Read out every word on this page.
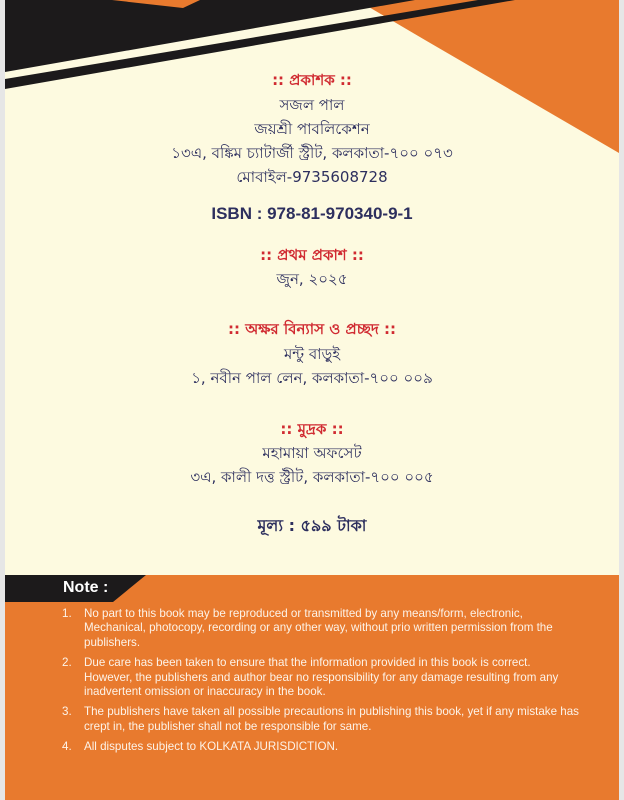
:: প্রকাশক ::
সজল পাল
জয়শ্রী পাবলিকেশন
১৩এ, বঙ্কিম চ্যাটার্জী স্ট্রীট, কলকাতা-৭০০ ০৭৩
মোবাইল-9735608728
ISBN : 978-81-970340-9-1
:: প্রথম প্রকাশ ::
জুন, ২০২৫
:: অক্ষর বিন্যাস ও প্রচ্ছদ ::
মন্টু বাড়ুই
১, নবীন পাল লেন, কলকাতা-৭০০ ০০৯
:: মুদ্রক ::
মহামায়া অফসেট
৩এ, কালী দত্ত স্ট্রীট, কলকাতা-৭০০ ০০৫
মূল্য : ৫৯৯ টাকা
Note :
1. No part to this book may be reproduced or transmitted by any means/form, electronic, Mechanical, photocopy, recording or any other way, without prio written permission from the publishers.
2. Due care has been taken to ensure that the information provided in this book is correct. However, the publishers and author bear no responsibility for any damage resulting from any inadvertent omission or inaccuracy in the book.
3. The publishers have taken all possible precautions in publishing this book, yet if any mistake has crept in, the publisher shall not be responsible for same.
4. All disputes subject to KOLKATA JURISDICTION.
